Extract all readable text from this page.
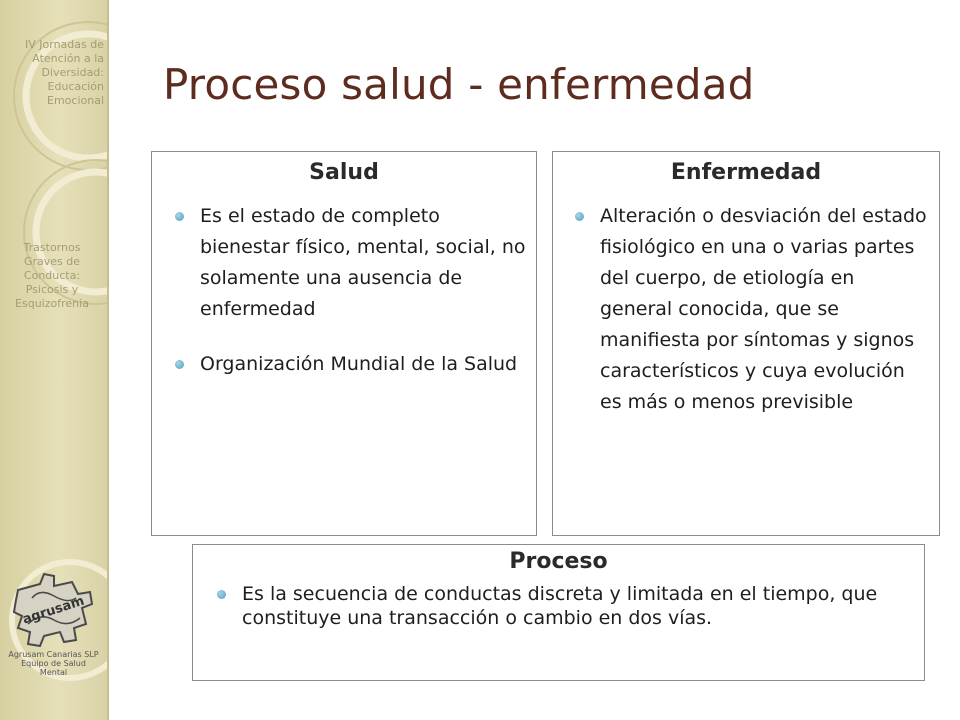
IV Jornadas de
Atención a la
Diversidad:
Educación
Emocional
Trastornos
Graves de
Conducta:
Psicosis y
Esquizofrenia
agrusam
Agrusam Canarias SLP
Equipo de Salud
Mental
Proceso salud - enfermedad
Salud
Es el estado de completo bienestar físico, mental, social, no solamente una ausencia de enfermedad
Organización Mundial de la Salud
Enfermedad
Alteración o desviación del estado fisiológico en una o varias partes del cuerpo, de etiología en general conocida, que se manifiesta por síntomas y signos característicos y cuya evolución es más o menos previsible
Proceso
Es la secuencia de conductas discreta y limitada en el tiempo, que constituye una transacción o cambio en dos vías.
